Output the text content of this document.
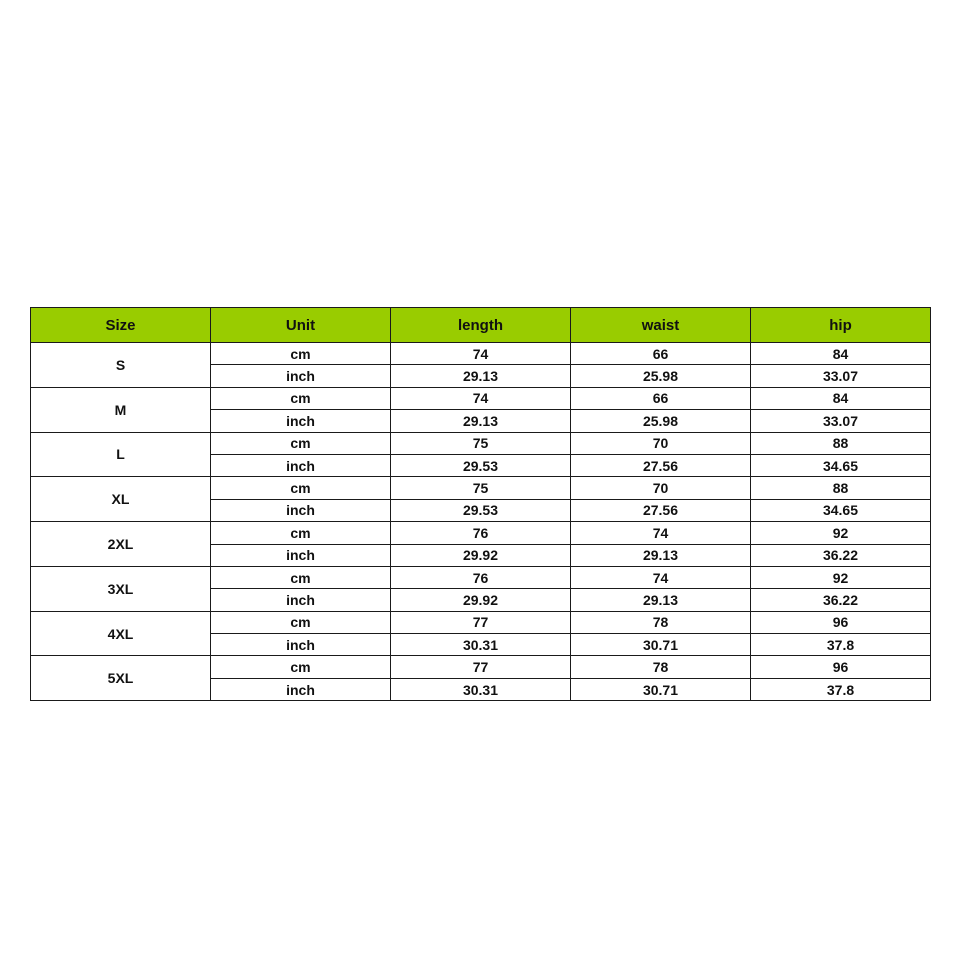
Size	Unit	length	waist	hip
S	cm	74	66	84
	inch	29.13	25.98	33.07
M	cm	74	66	84
	inch	29.13	25.98	33.07
L	cm	75	70	88
	inch	29.53	27.56	34.65
XL	cm	75	70	88
	inch	29.53	27.56	34.65
2XL	cm	76	74	92
	inch	29.92	29.13	36.22
3XL	cm	76	74	92
	inch	29.92	29.13	36.22
4XL	cm	77	78	96
	inch	30.31	30.71	37.8
5XL	cm	77	78	96
	inch	30.31	30.71	37.8
